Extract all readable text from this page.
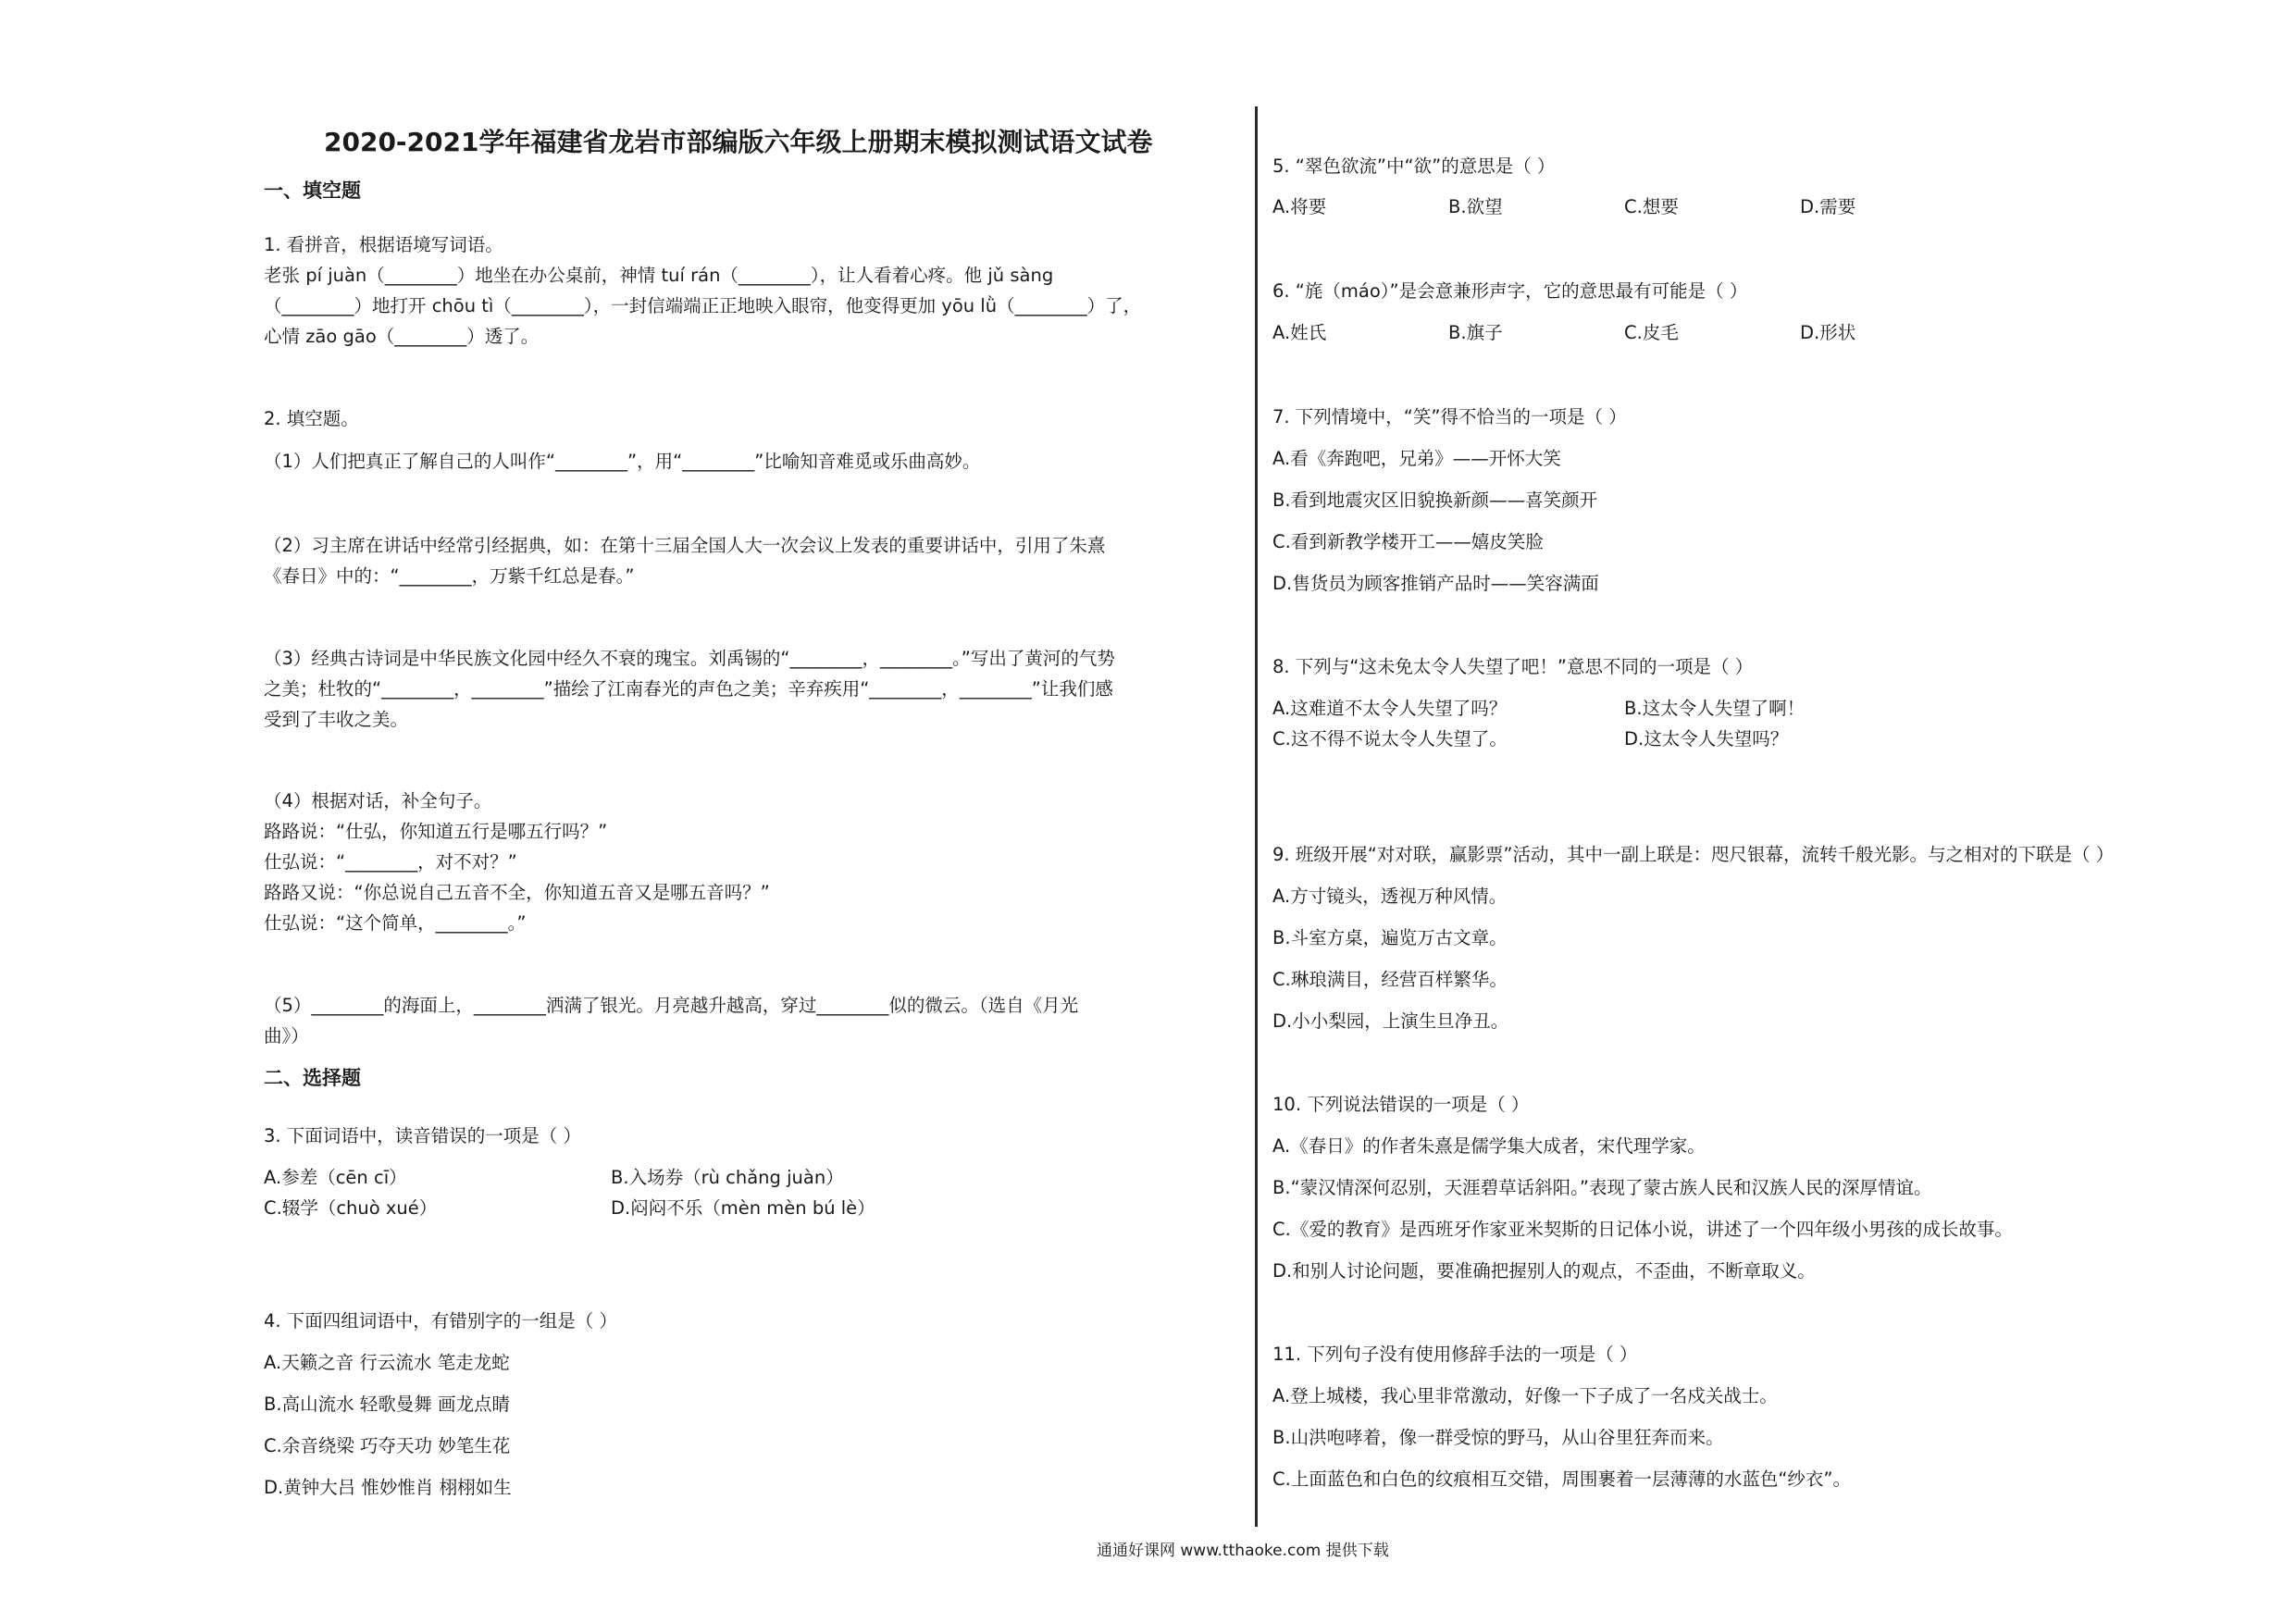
2020-2021学年福建省龙岩市部编版六年级上册期末模拟测试语文试卷
一、填空题
1. 看拼音，根据语境写词语。
老张 pí juàn（________）地坐在办公桌前，神情 tuí rán（________），让人看着心疼。他 jǔ sàng
（________）地打开 chōu tì（________），一封信端端正正地映入眼帘，他变得更加 yōu lǜ（________）了，
心情 zāo gāo（________）透了。
2. 填空题。
（1）人们把真正了解自己的人叫作“________”，用“________”比喻知音难觅或乐曲高妙。
（2）习主席在讲话中经常引经据典，如：在第十三届全国人大一次会议上发表的重要讲话中，引用了朱熹
《春日》中的：“________，万紫千红总是春。”
（3）经典古诗词是中华民族文化园中经久不衰的瑰宝。刘禹锡的“________，________。”写出了黄河的气势
之美；杜牧的“________，________”描绘了江南春光的声色之美；辛弃疾用“________，________”让我们感
受到了丰收之美。
（4）根据对话，补全句子。
路路说：“仕弘，你知道五行是哪五行吗？”
仕弘说：“________，对不对？”
路路又说：“你总说自己五音不全，你知道五音又是哪五音吗？”
仕弘说：“这个简单，________。”
（5）________的海面上，________洒满了银光。月亮越升越高，穿过________似的微云。（选自《月光
曲》）
二、选择题
3. 下面词语中，读音错误的一项是（ ）
A.参差（cēn cī）	B.入场券（rù chǎng juàn）
C.辍学（chuò xué）	D.闷闷不乐（mèn mèn bú lè）
4. 下面四组词语中，有错别字的一组是（ ）
A.天籁之音 行云流水 笔走龙蛇
B.高山流水 轻歌曼舞 画龙点睛
C.余音绕梁 巧夺天功 妙笔生花
D.黄钟大吕 惟妙惟肖 栩栩如生
5. “翠色欲流”中“欲”的意思是（ ）
A.将要	B.欲望	C.想要	D.需要
6. “旄（máo）”是会意兼形声字，它的意思最有可能是（ ）
A.姓氏	B.旗子	C.皮毛	D.形状
7. 下列情境中，“笑”得不恰当的一项是（ ）
A.看《奔跑吧，兄弟》——开怀大笑
B.看到地震灾区旧貌换新颜——喜笑颜开
C.看到新教学楼开工——嬉皮笑脸
D.售货员为顾客推销产品时——笑容满面
8. 下列与“这未免太令人失望了吧！”意思不同的一项是（ ）
A.这难道不太令人失望了吗？	B.这太令人失望了啊！
C.这不得不说太令人失望了。	D.这太令人失望吗？
9. 班级开展“对对联，赢影票”活动，其中一副上联是：咫尺银幕，流转千般光影。与之相对的下联是（ ）
A.方寸镜头，透视万种风情。
B.斗室方桌，遍览万古文章。
C.琳琅满目，经营百样繁华。
D.小小梨园，上演生旦净丑。
10. 下列说法错误的一项是（ ）
A.《春日》的作者朱熹是儒学集大成者，宋代理学家。
B.“蒙汉情深何忍别，天涯碧草话斜阳。”表现了蒙古族人民和汉族人民的深厚情谊。
C.《爱的教育》是西班牙作家亚米契斯的日记体小说，讲述了一个四年级小男孩的成长故事。
D.和别人讨论问题，要准确把握别人的观点，不歪曲，不断章取义。
11. 下列句子没有使用修辞手法的一项是（ ）
A.登上城楼，我心里非常激动，好像一下子成了一名戍关战士。
B.山洪咆哮着，像一群受惊的野马，从山谷里狂奔而来。
C.上面蓝色和白色的纹痕相互交错，周围裹着一层薄薄的水蓝色“纱衣”。
通通好课网 www.tthaoke.com 提供下载
